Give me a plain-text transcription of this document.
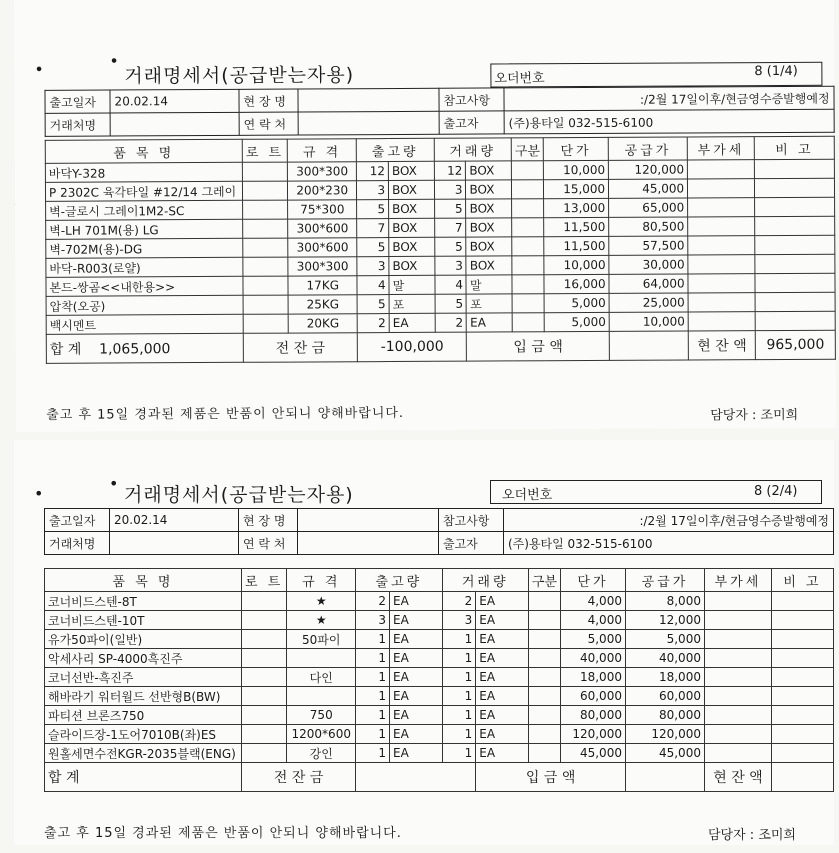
•	•
거래명세서(공급받는자용)	오더번호	8 (1/4)
출고일자	20.02.14	현 장 명		참고사항	:/2월 17일이후/현금영수증발행예정
거래처명		연 락 처		출고자	(주)용타일 032-515-6100
품 목 명	로 트	규 격	출고량		거래량		구분	단가	공급가	부가세	비 고
바닥Y-328		300*300	12	BOX	12	BOX		10,000	120,000		
P 2302C 육각타일 #12/14 그레이		200*230	3	BOX	3	BOX		15,000	45,000		
벽-글로시 그레이1M2-SC		75*300	5	BOX	5	BOX		13,000	65,000		
벽-LH 701M(용) LG		300*600	7	BOX	7	BOX		11,500	80,500		
벽-702M(용)-DG		300*600	5	BOX	5	BOX		11,500	57,500		
바닥-R003(로얄)		300*300	3	BOX	3	BOX		10,000	30,000		
본드-쌍곰<<내한용>>		17KG	4	말	4	말		16,000	64,000		
압착(오공)		25KG	5	포	5	포		5,000	25,000		
백시멘트		20KG	2	EA	2	EA		5,000	10,000		
합 계 1,065,000	전 잔 금		-100,000			입 금 액				현 잔 액	965,000
출고 후 15일 경과된 제품은 반품이 안되니 양해바랍니다.	담당자 : 조미희
•
•
거래명세서(공급받는자용)	오더번호	8 (2/4)
출고일자	20.02.14	현 장 명		참고사항	:/2월 17일이후/현금영수증발행예정
거래처명		연 락 처		출고자	(주)용타일 032-515-6100
품 목 명	로 트	규 격	출고량		거래량		구분	단가	공급가	부가세	비 고
코너비드스텐-8T		★	2	EA	2	EA		4,000	8,000		
코너비드스텐-10T		★	3	EA	3	EA		4,000	12,000		
유가50파이(일반)		50파이	1	EA	1	EA		5,000	5,000		
악세사리 SP-4000흑진주			1	EA	1	EA		40,000	40,000		
코너선반-흑진주		다인	1	EA	1	EA		18,000	18,000		
해바라기 워터월드 선반형B(BW)			1	EA	1	EA		60,000	60,000		
파티션 브론즈750		750	1	EA	1	EA		80,000	80,000		
슬라이드장-1도어7010B(좌)ES		1200*600	1	EA	1	EA		120,000	120,000		
원홀세면수전KGR-2035블랙(ENG)		강인	1	EA	1	EA		45,000	45,000		
합 계	전 잔 금					입 금 액				현 잔 액	
출고 후 15일 경과된 제품은 반품이 안되니 양해바랍니다.	담당자 : 조미희
